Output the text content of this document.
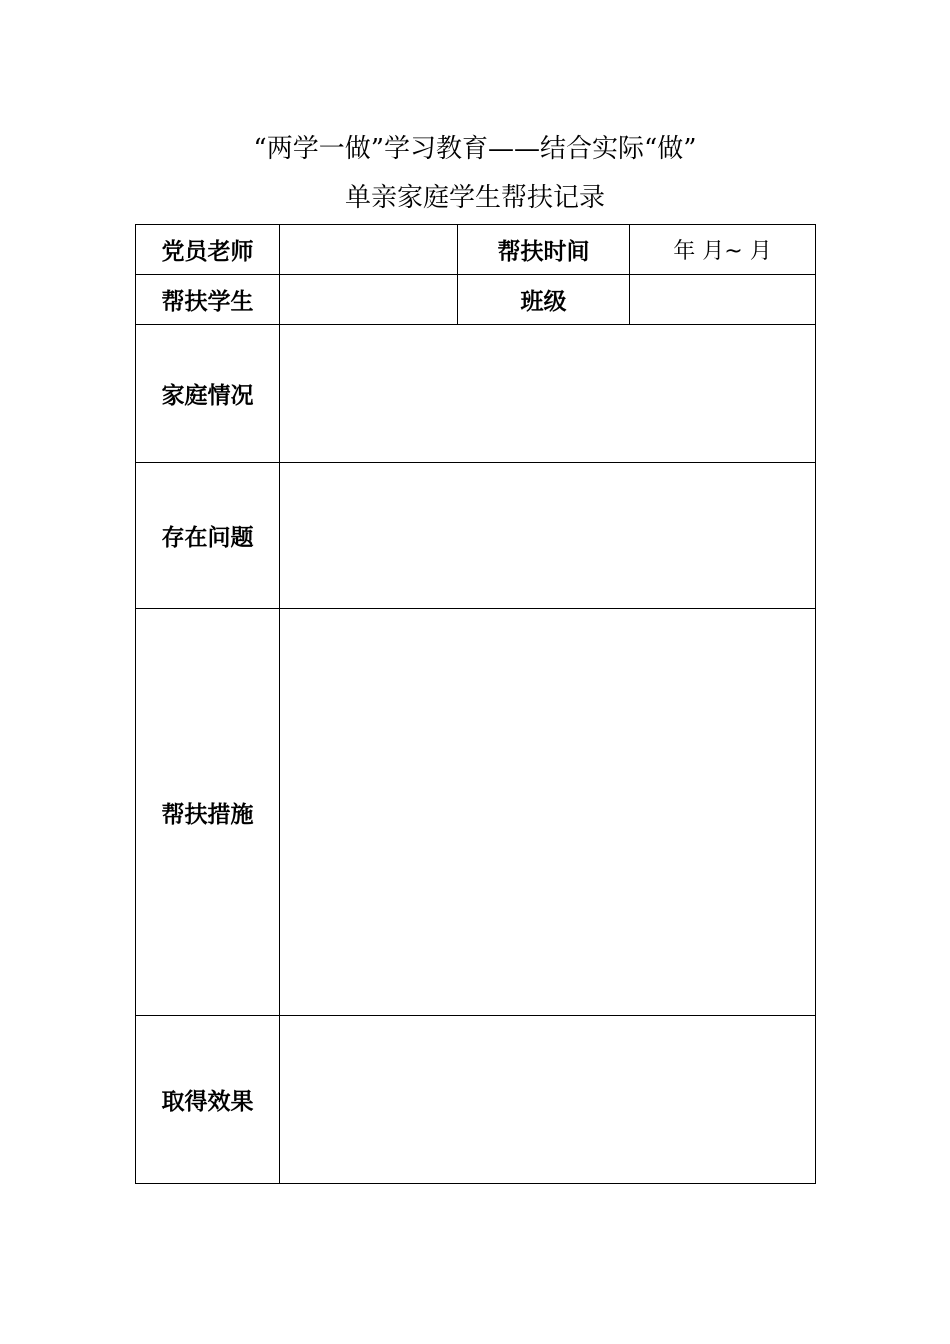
“两学一做”学习教育——结合实际“做”
单亲家庭学生帮扶记录
党员老师		帮扶时间	年 月~ 月
帮扶学生		班级	
家庭情况			
存在问题			
帮扶措施			
取得效果			
